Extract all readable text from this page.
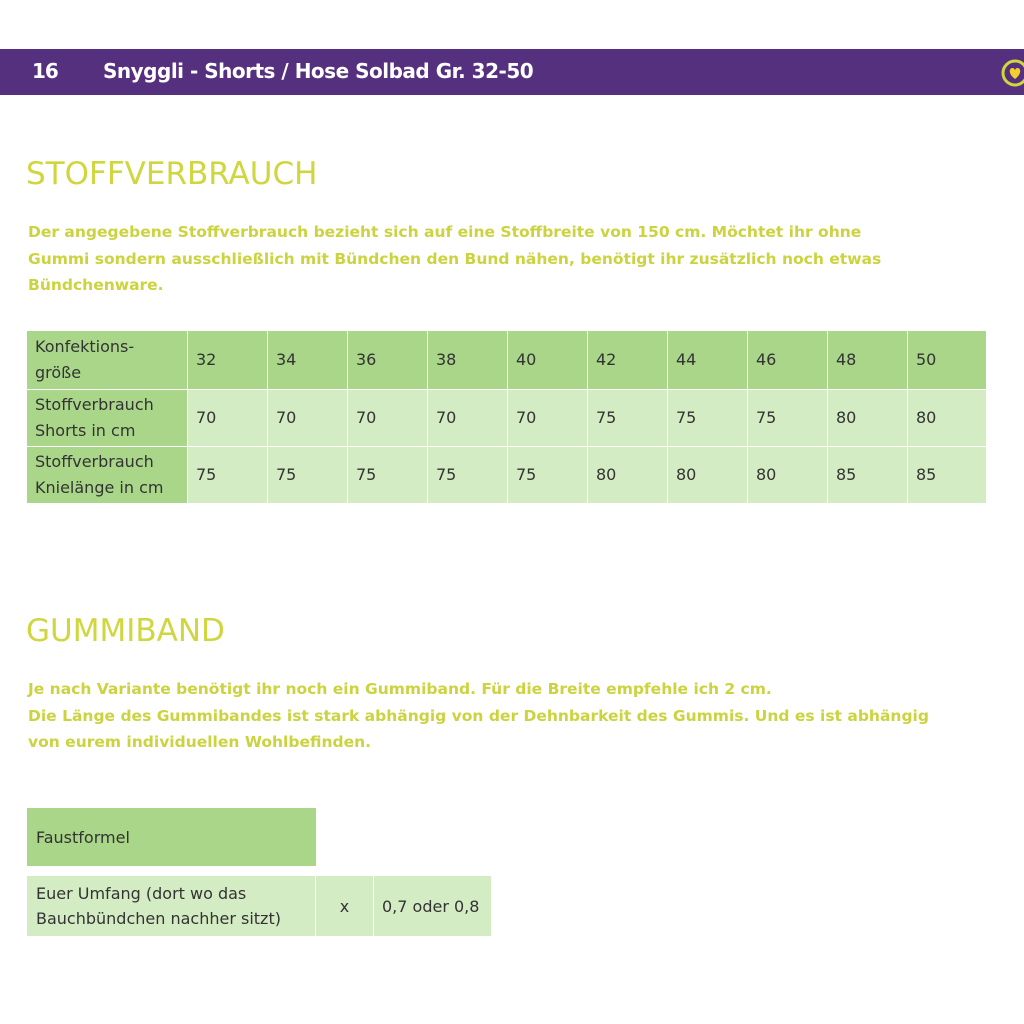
16 Snyggli - Shorts / Hose Solbad Gr. 32-50
STOFFVERBRAUCH

Der angegebene Stoffverbrauch bezieht sich auf eine Stoffbreite von 150 cm. Möchtet ihr ohne
Gummi sondern ausschließlich mit Bündchen den Bund nähen, benötigt ihr zusätzlich noch etwas
Bündchenware.

Konfektions-
größe	32	34	36	38	40	42	44	46	48	50
Stoffverbrauch
Shorts in cm	70	70	70	70	70	75	75	75	80	80
Stoffverbrauch
Knielänge in cm	75	75	75	75	75	80	80	80	85	85
GUMMIBAND

Je nach Variante benötigt ihr noch ein Gummiband. Für die Breite empfehle ich 2 cm.
Die Länge des Gummibandes ist stark abhängig von der Dehnbarkeit des Gummis. Und es ist abhängig
von eurem individuellen Wohlbefinden.

Faustformel
Euer Umfang (dort wo das
Bauchbündchen nachher sitzt)	x	0,7 oder 0,8
